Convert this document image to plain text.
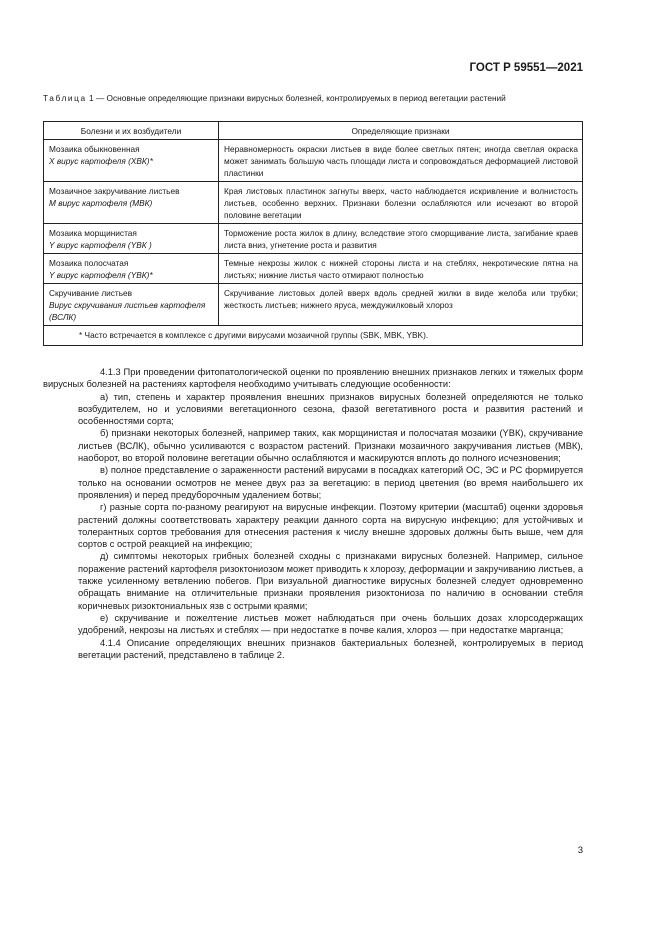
ГОСТ Р 59551—2021
Таблица 1 — Основные определяющие признаки вирусных болезней, контролируемых в период вегетации растений
Болезни и их возбудители	Определяющие признаки
Мозаика обыкновенная
X вирус картофеля (ХВК)*	Неравномерность окраски листьев в виде более светлых пятен; иногда светлая окраска может занимать большую часть площади листа и сопровождаться деформацией листовой пластинки
Мозаичное закручивание листьев
M вирус картофеля (МВК)	Края листовых пластинок загнуты вверх, часто наблюдается искривление и волнистость листьев, особенно верхних. Признаки болезни ослабляются или исчезают во второй половине вегетации
Мозаика морщинистая
Y вирус картофеля (YВК )	Торможение роста жилок в длину, вследствие этого сморщивание листа, загибание краев листа вниз, угнетение роста и развития
Мозаика полосчатая
Y вирус картофеля (YВК)*	Темные некрозы жилок с нижней стороны листа и на стеблях, некротические пятна на листьях; нижние листья часто отмирают полностью
Скручивание листьев
Вирус скручивания листьев картофеля (ВСЛК)	Скручивание листовых долей вверх вдоль средней жилки в виде желоба или трубки; жесткость листьев; нижнего яруса, междужилковый хлороз
* Часто встречается в комплексе с другими вирусами мозаичной группы (SBK, MBK, YBK).	

4.1.3 При проведении фитопатологической оценки по проявлению внешних признаков легких и тяжелых форм вирусных болезней на растениях картофеля необходимо учитывать следующие особенности:

а) тип, степень и характер проявления внешних признаков вирусных болезней определяются не только возбудителем, но и условиями вегетационного сезона, фазой вегетативного роста и развития растений и особенностями сорта;

б) признаки некоторых болезней, например таких, как морщинистая и полосчатая мозаики (YВК), скручивание листьев (ВСЛК), обычно усиливаются с возрастом растений. Признаки мозаичного закручивания листьев (МВК), наоборот, во второй половине вегетации обычно ослабляются и маскируются вплоть до полного исчезновения;

в) полное представление о зараженности растений вирусами в посадках категорий ОС, ЭС и РС формируется только на основании осмотров не менее двух раз за вегетацию: в период цветения (во время наибольшего их проявления) и перед предуборочным удалением ботвы;

г) разные сорта по-разному реагируют на вирусные инфекции. Поэтому критерии (масштаб) оценки здоровья растений должны соответствовать характеру реакции данного сорта на вирусную инфекцию; для устойчивых и толерантных сортов требования для отнесения растения к числу внешне здоровых должны быть выше, чем для сортов с острой реакцией на инфекцию;

д) симптомы некоторых грибных болезней сходны с признаками вирусных болезней. Например, сильное поражение растений картофеля ризоктониозом может приводить к хлорозу, деформации и закручиванию листьев, а также усиленному ветвлению побегов. При визуальной диагностике вирусных болезней следует одновременно обращать внимание на отличительные признаки проявления ризоктониоза по наличию в основании стебля коричневых ризоктониальных язв с острыми краями;

е) скручивание и пожелтение листьев может наблюдаться при очень больших дозах хлорсодержащих удобрений, некрозы на листьях и стеблях — при недостатке в почве калия, хлороз — при недостатке марганца;

4.1.4 Описание определяющих внешних признаков бактериальных болезней, контролируемых в период вегетации растений, представлено в таблице 2.

3
